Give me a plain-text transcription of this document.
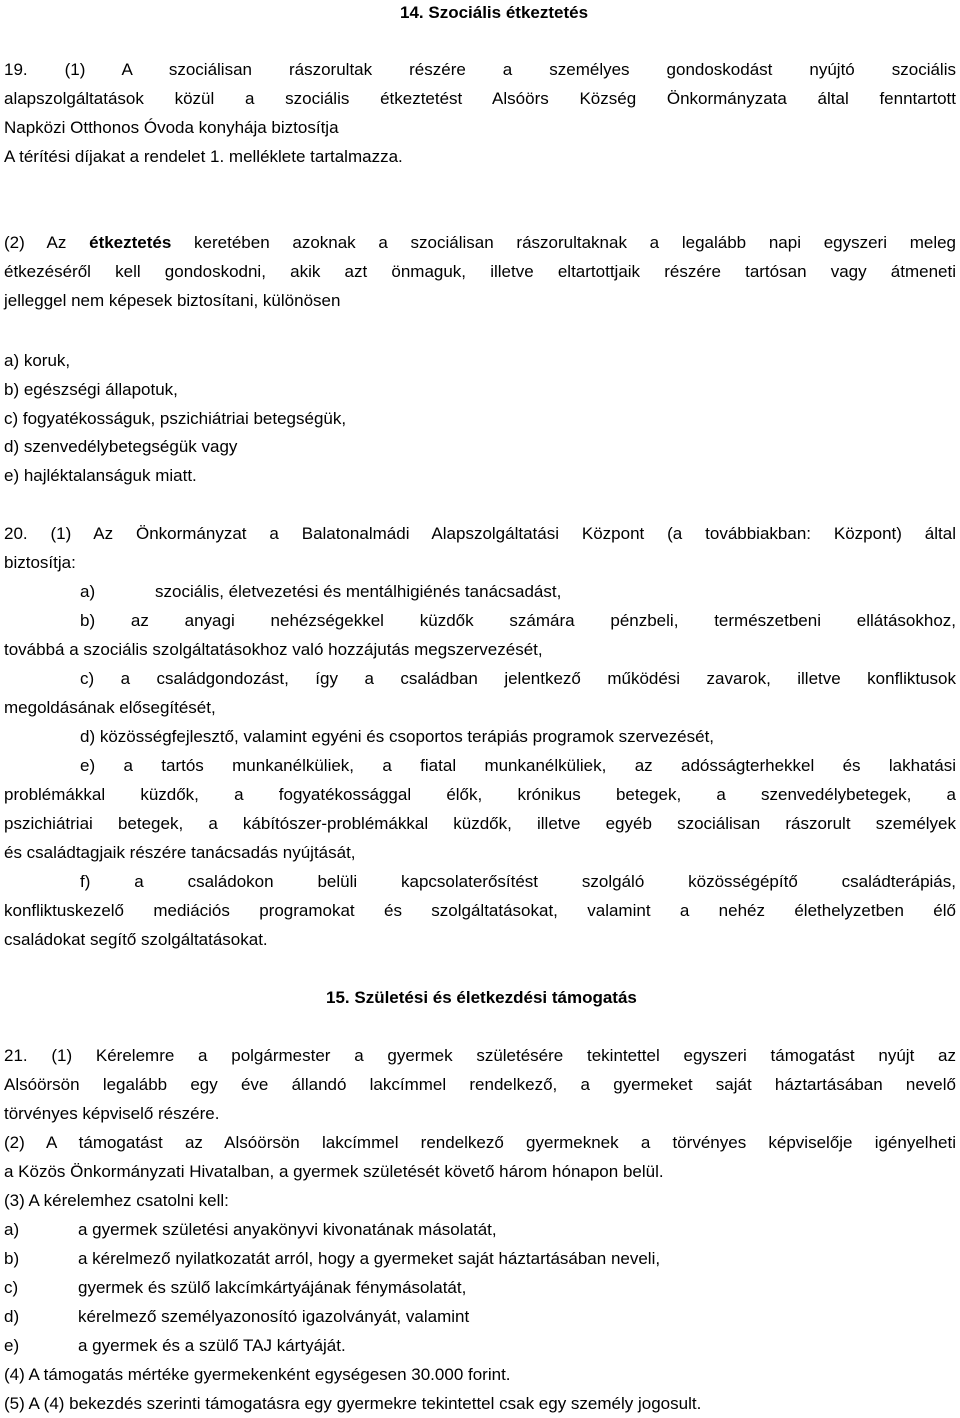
14. Szociális étkeztetés
19. (1) A szociálisan rászorultak részére a személyes gondoskodást nyújtó szociális
alapszolgáltatások közül a szociális étkeztetést Alsóörs Község Önkormányzata által fenntartott
Napközi Otthonos Óvoda konyhája biztosítja
A térítési díjakat a rendelet 1. melléklete tartalmazza.
(2) Az étkeztetés keretében azoknak a szociálisan rászorultaknak a legalább napi egyszeri meleg
étkezéséről kell gondoskodni, akik azt önmaguk, illetve eltartottjaik részére tartósan vagy átmeneti
jelleggel nem képesek biztosítani, különösen
a) koruk,
b) egészségi állapotuk,
c) fogyatékosságuk, pszichiátriai betegségük,
d) szenvedélybetegségük vagy
e) hajléktalanságuk miatt.
20. (1) Az Önkormányzat a Balatonalmádi Alapszolgáltatási Központ (a továbbiakban: Központ) által
biztosítja:
a)	szociális, életvezetési és mentálhigiénés tanácsadást,
b) az anyagi nehézségekkel küzdők számára pénzbeli, természetbeni ellátásokhoz,
továbbá a szociális szolgáltatásokhoz való hozzájutás megszervezését,
c) a családgondozást, így a családban jelentkező működési zavarok, illetve konfliktusok
megoldásának elősegítését,
d) közösségfejlesztő, valamint egyéni és csoportos terápiás programok szervezését,
e) a tartós munkanélküliek, a fiatal munkanélküliek, az adósságterhekkel és lakhatási
problémákkal küzdők, a fogyatékossággal élők, krónikus betegek, a szenvedélybetegek, a
pszichiátriai betegek, a kábítószer-problémákkal küzdők, illetve egyéb szociálisan rászorult személyek
és családtagjaik részére tanácsadás nyújtását,
f) a családokon belüli kapcsolaterősítést szolgáló közösségépítő családterápiás,
konfliktuskezelő mediációs programokat és szolgáltatásokat, valamint a nehéz élethelyzetben élő
családokat segítő szolgáltatásokat.
15. Születési és életkezdési támogatás
21. (1) Kérelemre a polgármester a gyermek születésére tekintettel egyszeri támogatást nyújt az
Alsóörsön legalább egy éve állandó lakcímmel rendelkező, a gyermeket saját háztartásában nevelő
törvényes képviselő részére.
(2) A támogatást az Alsóörsön lakcímmel rendelkező gyermeknek a törvényes képviselője igényelheti
a Közös Önkormányzati Hivatalban, a gyermek születését követő három hónapon belül.
(3) A kérelemhez csatolni kell:
a)	a gyermek születési anyakönyvi kivonatának másolatát,
b)	a kérelmező nyilatkozatát arról, hogy a gyermeket saját háztartásában neveli,
c)	gyermek és szülő lakcímkártyájának fénymásolatát,
d)	kérelmező személyazonosító igazolványát, valamint
e)	a gyermek és a szülő TAJ kártyáját.
(4) A támogatás mértéke gyermekenként egységesen 30.000 forint.
(5) A (4) bekezdés szerinti támogatásra egy gyermekre tekintettel csak egy személy jogosult.
